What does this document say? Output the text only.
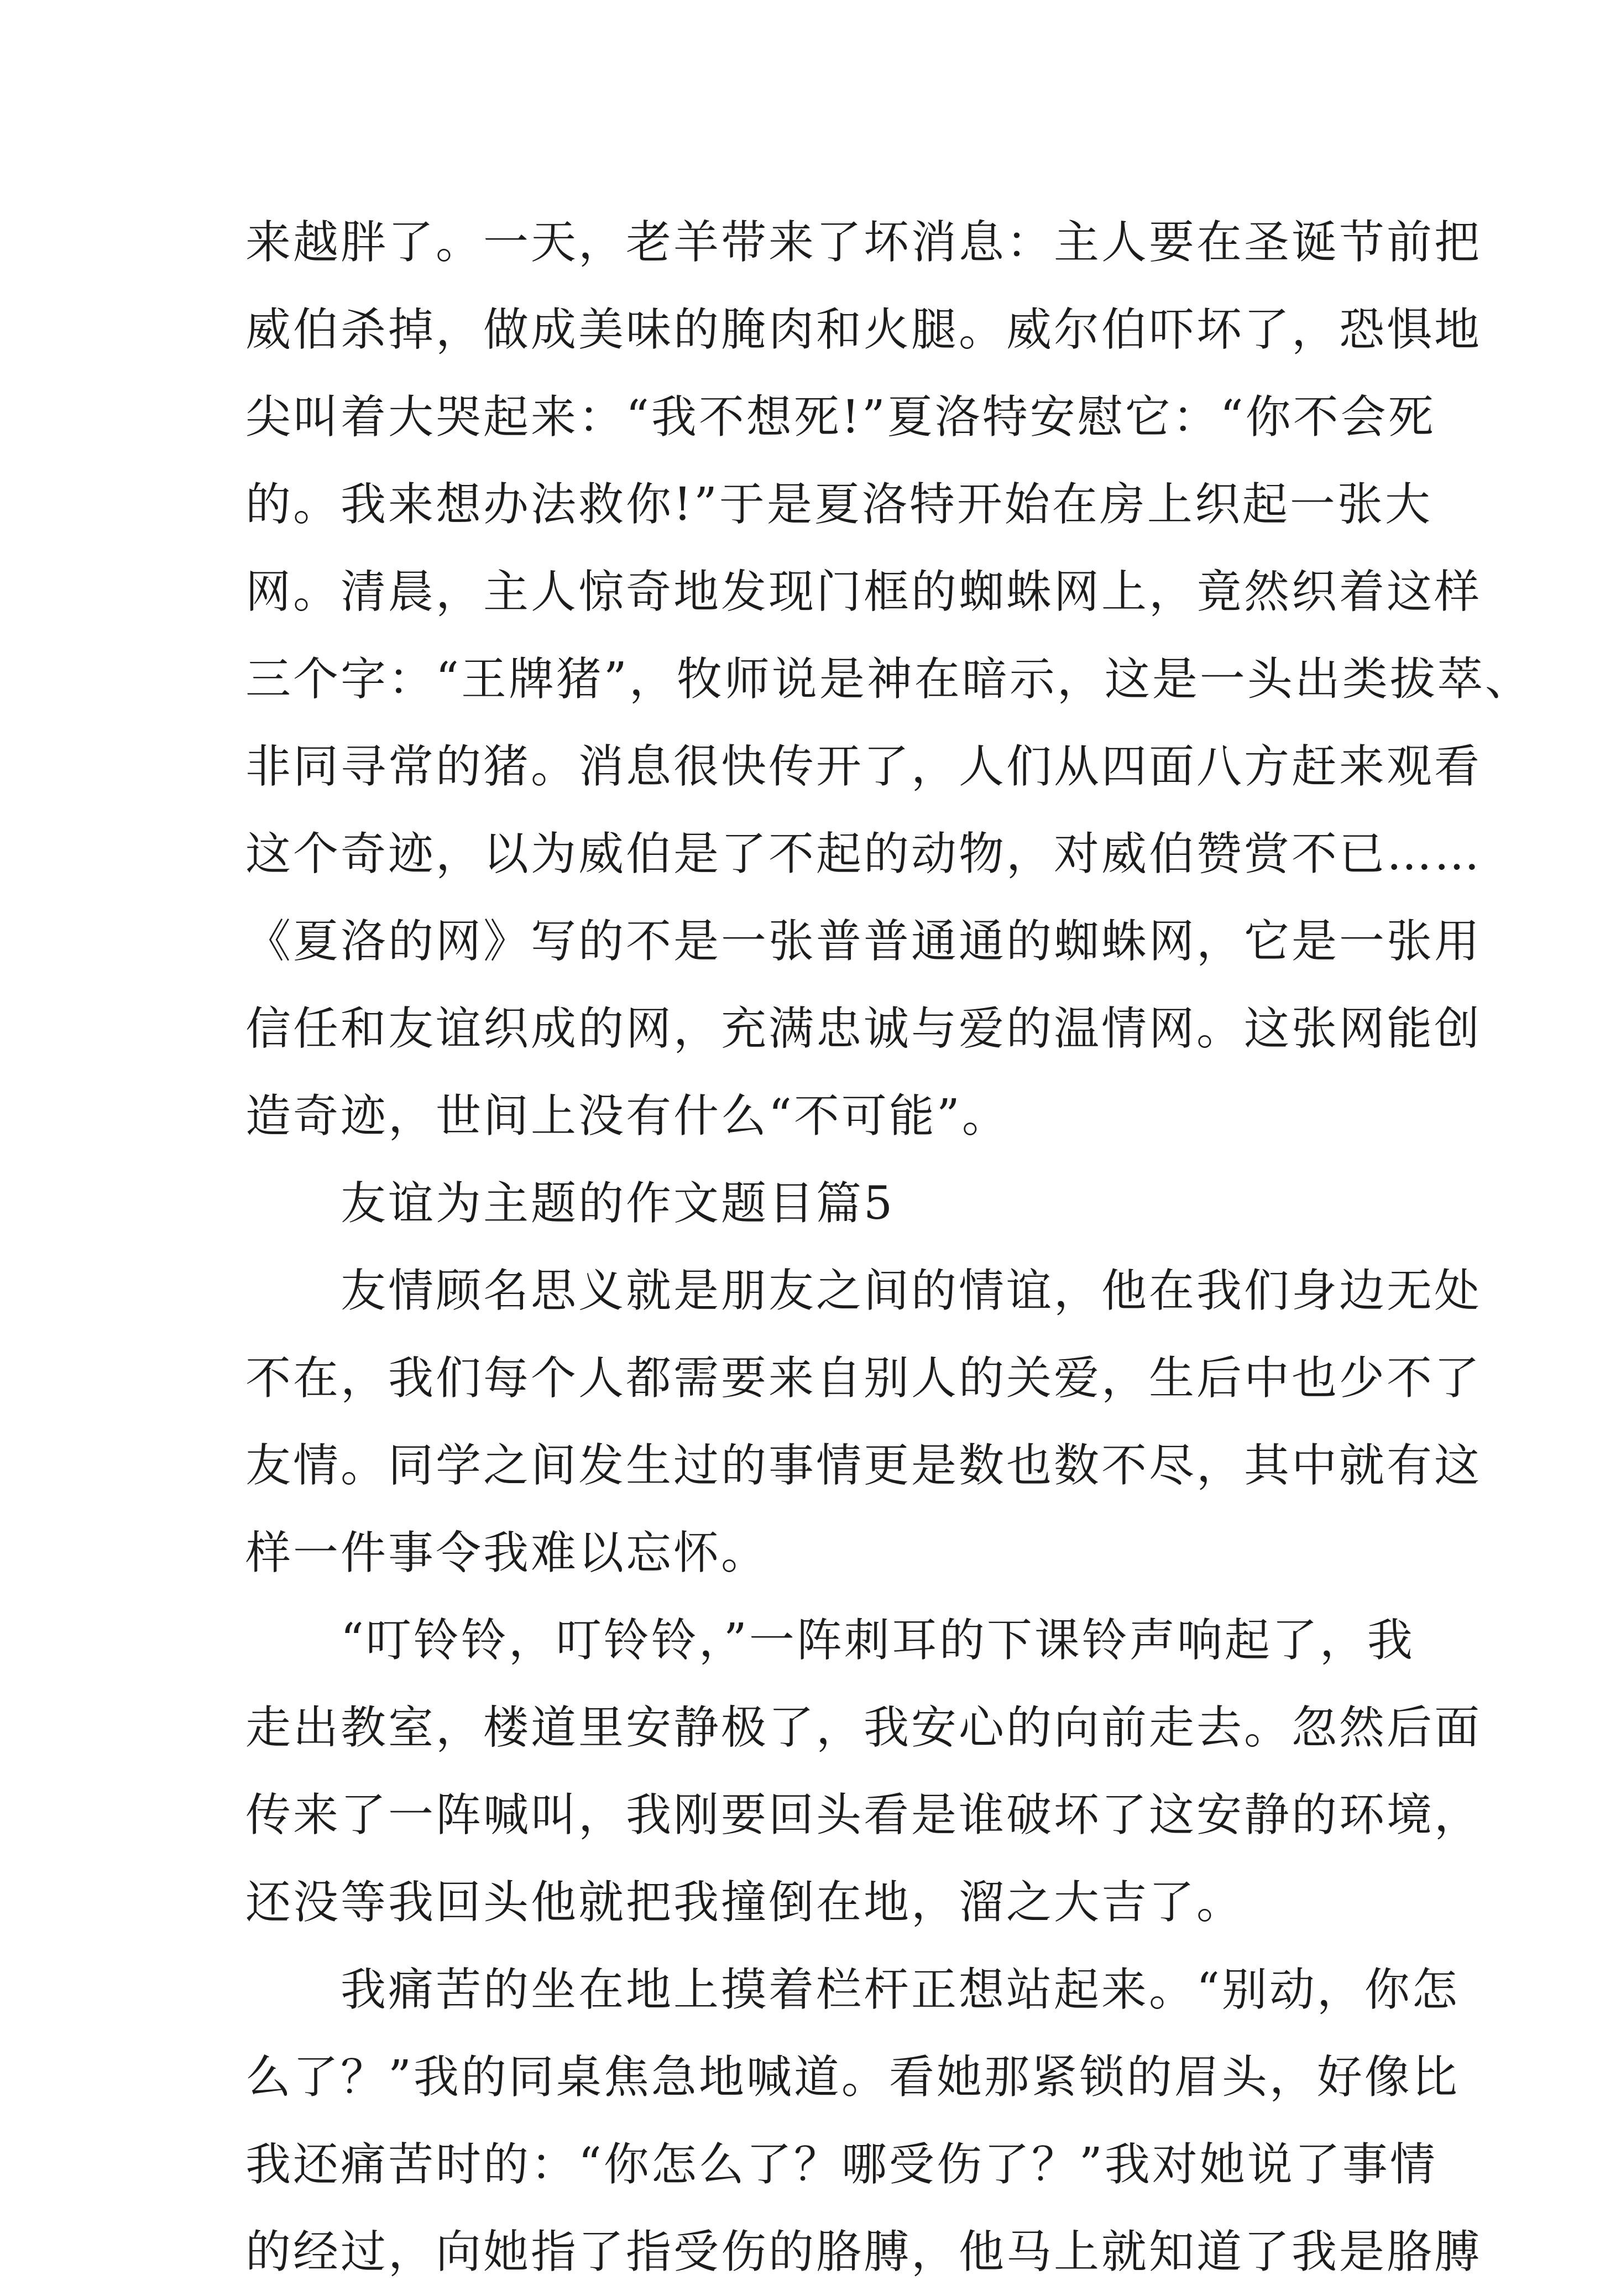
来越胖了。一天，老羊带来了坏消息：主人要在圣诞节前把
威伯杀掉，做成美味的腌肉和火腿。威尔伯吓坏了，恐惧地
尖叫着大哭起来：“我不想死!”夏洛特安慰它：“你不会死
的。我来想办法救你!”于是夏洛特开始在房上织起一张大
网。清晨，主人惊奇地发现门框的蜘蛛网上，竟然织着这样
三个字：“王牌猪”，牧师说是神在暗示，这是一头出类拔萃、
非同寻常的猪。消息很快传开了，人们从四面八方赶来观看
这个奇迹，以为威伯是了不起的动物，对威伯赞赏不已……
《夏洛的网》写的不是一张普普通通的蜘蛛网，它是一张用
信任和友谊织成的网，充满忠诚与爱的温情网。这张网能创
造奇迹，世间上没有什么“不可能”。
　　友谊为主题的作文题目篇5
　　友情顾名思义就是朋友之间的情谊，他在我们身边无处
不在，我们每个人都需要来自别人的关爱，生后中也少不了
友情。同学之间发生过的事情更是数也数不尽，其中就有这
样一件事令我难以忘怀。
　　“叮铃铃，叮铃铃，”一阵刺耳的下课铃声响起了，我
走出教室，楼道里安静极了，我安心的向前走去。忽然后面
传来了一阵喊叫，我刚要回头看是谁破坏了这安静的环境，
还没等我回头他就把我撞倒在地，溜之大吉了。
　　我痛苦的坐在地上摸着栏杆正想站起来。“别动，你怎
么了？”我的同桌焦急地喊道。看她那紧锁的眉头，好像比
我还痛苦时的：“你怎么了？哪受伤了？”我对她说了事情
的经过，向她指了指受伤的胳膊，他马上就知道了我是胳膊
